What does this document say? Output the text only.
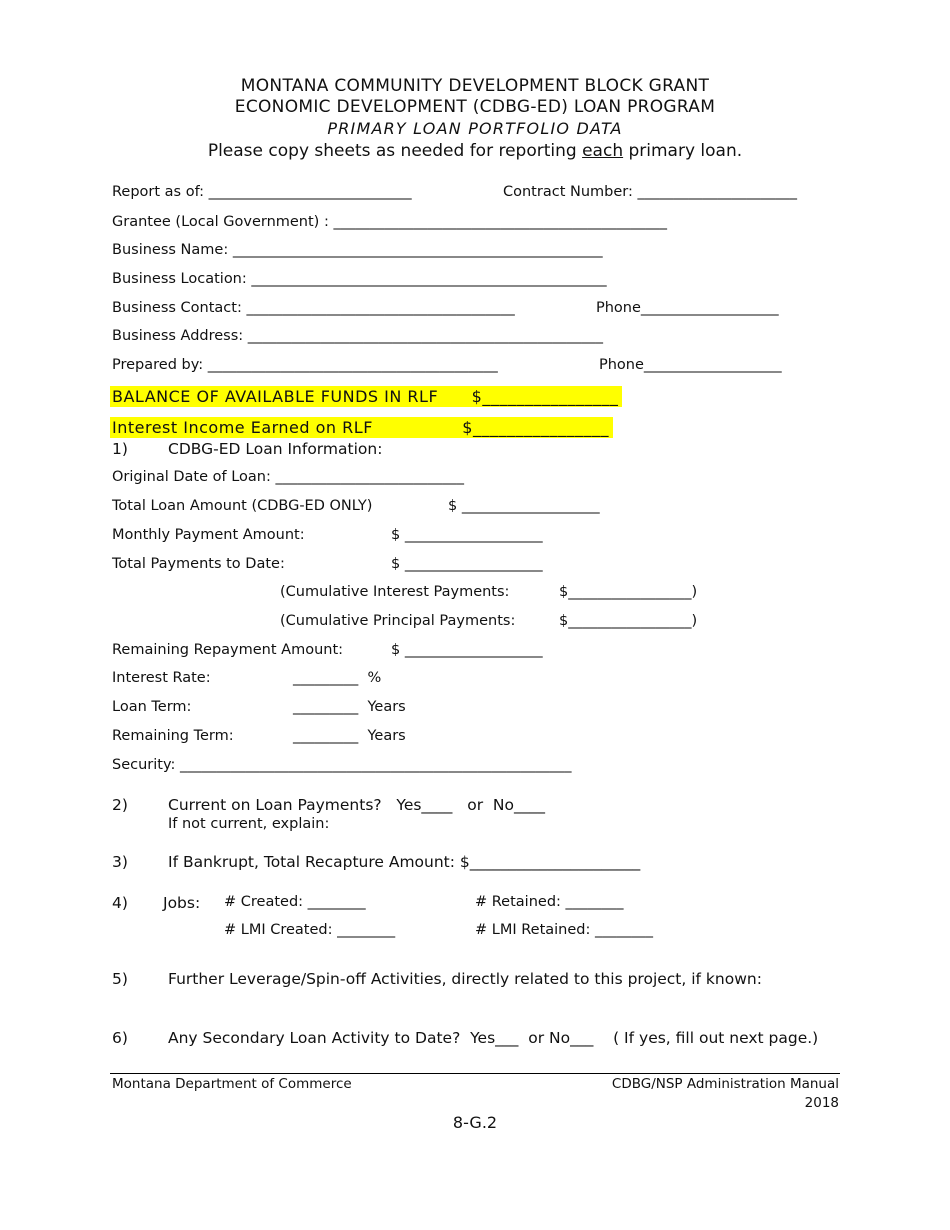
MONTANA COMMUNITY DEVELOPMENT BLOCK GRANT
ECONOMIC DEVELOPMENT (CDBG-ED) LOAN PROGRAM
PRIMARY LOAN PORTFOLIO DATA
Please copy sheets as needed for reporting each primary loan.
Report as of: ____________________________	Contract Number: ______________________
Grantee (Local Government) : ______________________________________________
Business Name: ___________________________________________________
Business Location: _________________________________________________
Business Contact: _____________________________________	Phone___________________
Business Address: _________________________________________________
Prepared by: ________________________________________	Phone___________________
BALANCE OF AVAILABLE FUNDS IN RLF      $________________
Interest Income Earned on RLF                $________________
1)	CDBG-ED Loan Information:
Original Date of Loan: __________________________
Total Loan Amount (CDBG-ED ONLY)	$ ___________________
Monthly Payment Amount:	$ ___________________
Total Payments to Date:	$ ___________________
(Cumulative Interest Payments:	$_________________)
(Cumulative Principal Payments:	$_________________)
Remaining Repayment Amount:	$ ___________________
Interest Rate:	_________  %
Loan Term:	_________  Years
Remaining Term:	_________  Years
Security: ______________________________________________________
2)	Current on Loan Payments?   Yes____   or  No____
If not current, explain:
3)	If Bankrupt, Total Recapture Amount: $______________________
4) Jobs: # Created: ________	# Retained: ________
# LMI Created: ________	# LMI Retained: ________
5)	Further Leverage/Spin-off Activities, directly related to this project, if known:
6)	Any Secondary Loan Activity to Date?  Yes___  or No___    ( If yes, fill out next page.)
Montana Department of Commerce	CDBG/NSP Administration Manual
2018
8-G.2
